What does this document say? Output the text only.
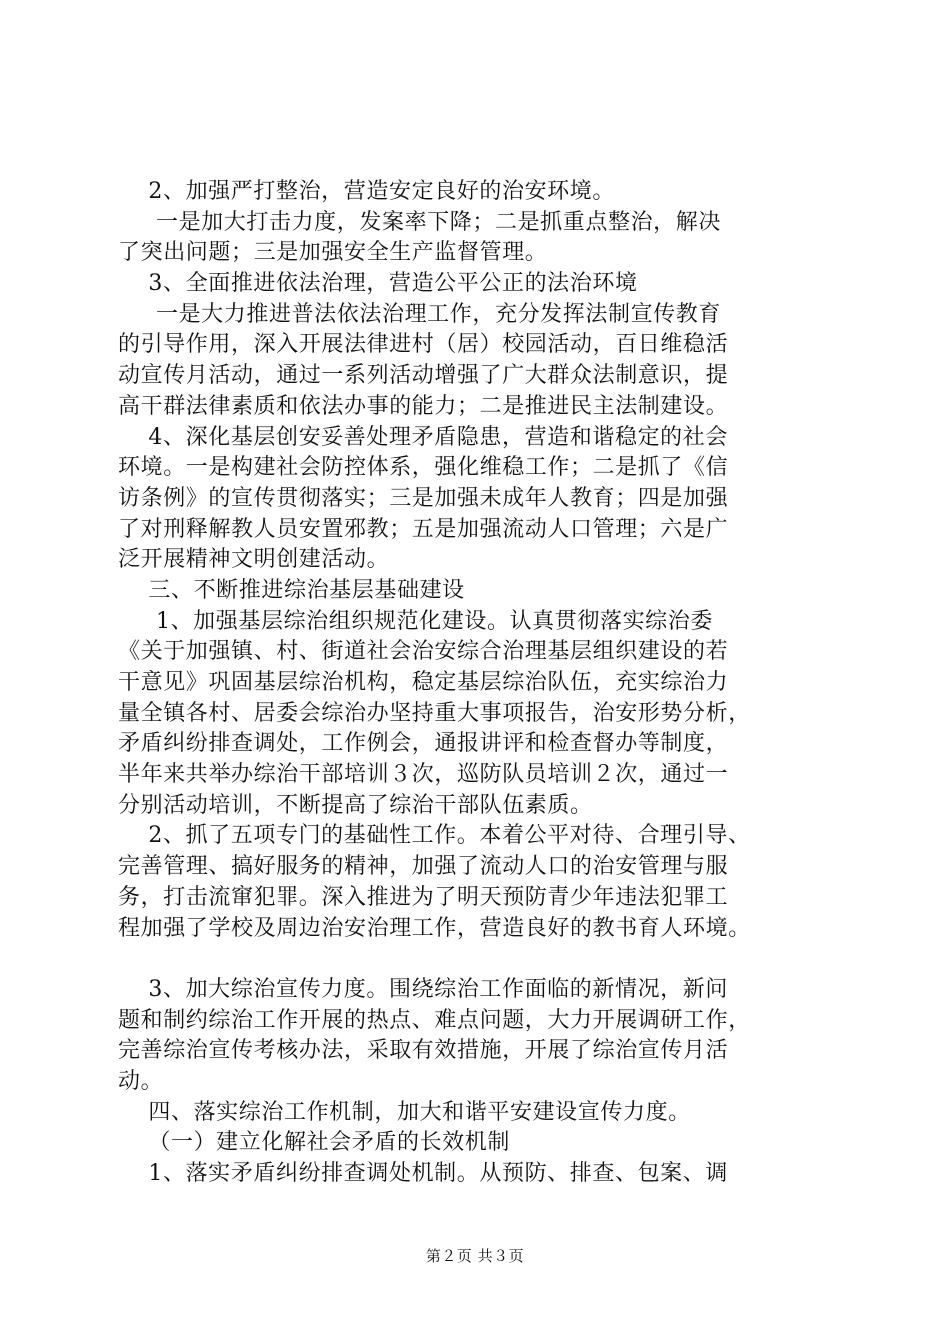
2、加强严打整治，营造安定良好的治安环境。
一是加大打击力度，发案率下降；二是抓重点整治，解决
了突出问题；三是加强安全生产监督管理。
3、全面推进依法治理，营造公平公正的法治环境
一是大力推进普法依法治理工作，充分发挥法制宣传教育
的引导作用，深入开展法律进村（居）校园活动，百日维稳活
动宣传月活动，通过一系列活动增强了广大群众法制意识，提
高干群法律素质和依法办事的能力；二是推进民主法制建设。
4、深化基层创安妥善处理矛盾隐患，营造和谐稳定的社会
环境。一是构建社会防控体系，强化维稳工作；二是抓了《信
访条例》的宣传贯彻落实；三是加强未成年人教育；四是加强
了对刑释解教人员安置邪教；五是加强流动人口管理；六是广
泛开展精神文明创建活动。
三、不断推进综治基层基础建设
1、加强基层综治组织规范化建设。认真贯彻落实综治委
《关于加强镇、村、街道社会治安综合治理基层组织建设的若
干意见》巩固基层综治机构，稳定基层综治队伍，充实综治力
量全镇各村、居委会综治办坚持重大事项报告，治安形势分析，
矛盾纠纷排查调处，工作例会，通报讲评和检查督办等制度，
半年来共举办综治干部培训３次，巡防队员培训２次，通过一
分别活动培训，不断提高了综治干部队伍素质。
2、抓了五项专门的基础性工作。本着公平对待、合理引导、
完善管理、搞好服务的精神，加强了流动人口的治安管理与服
务，打击流窜犯罪。深入推进为了明天预防青少年违法犯罪工
程加强了学校及周边治安治理工作，营造良好的教书育人环境。
3、加大综治宣传力度。围绕综治工作面临的新情况，新问
题和制约综治工作开展的热点、难点问题，大力开展调研工作，
完善综治宣传考核办法，采取有效措施，开展了综治宣传月活
动。
四、落实综治工作机制，加大和谐平安建设宣传力度。
（一）建立化解社会矛盾的长效机制
1、落实矛盾纠纷排查调处机制。从预防、排查、包案、调
第２页 共３页
